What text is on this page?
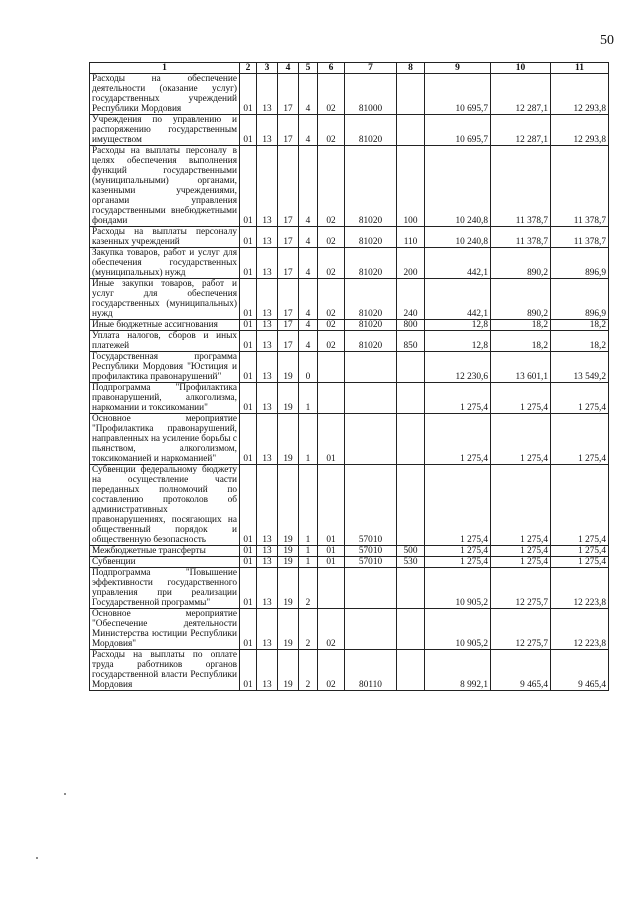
50
1	2	3	4	5	6	7	8	9	10	11

Расходы на обеспечение деятельности (оказание услуг) государственных учреждений Республики Мордовия	01	13	17	4	02	81000		10 695,7	12 287,1	12 293,8

Учреждения по управлению и распоряжению государственным имуществом	01	13	17	4	02	81020		10 695,7	12 287,1	12 293,8

Расходы на выплаты персоналу в целях обеспечения выполнения функций государственными (муниципальными) органами, казенными учреждениями, органами управления государственными внебюджетными фондами	01	13	17	4	02	81020	100	10 240,8	11 378,7	11 378,7

Расходы на выплаты персоналу казенных учреждений	01	13	17	4	02	81020	110	10 240,8	11 378,7	11 378,7

Закупка товаров, работ и услуг для обеспечения государственных (муниципальных) нужд	01	13	17	4	02	81020	200	442,1	890,2	896,9

Иные закупки товаров, работ и услуг для обеспечения государственных (муниципальных) нужд	01	13	17	4	02	81020	240	442,1	890,2	896,9

Иные бюджетные ассигнования	01	13	17	4	02	81020	800	12,8	18,2	18,2

Уплата налогов, сборов и иных платежей	01	13	17	4	02	81020	850	12,8	18,2	18,2

Государственная программа Республики Мордовия "Юстиция и профилактика правонарушений"	01	13	19	0				12 230,6	13 601,1	13 549,2

Подпрограмма "Профилактика правонарушений, алкоголизма, наркомании и токсикомании"	01	13	19	1				1 275,4	1 275,4	1 275,4

Основное мероприятие "Профилактика правонарушений, направленных на усиление борьбы с пьянством, алкоголизмом, токсикоманией и наркоманией"	01	13	19	1	01			1 275,4	1 275,4	1 275,4

Субвенции федеральному бюджету на осуществление части переданных полномочий по составлению протоколов об административных правонарушениях, посягающих на общественный порядок и общественную безопасность	01	13	19	1	01	57010		1 275,4	1 275,4	1 275,4

Межбюджетные трансферты	01	13	19	1	01	57010	500	1 275,4	1 275,4	1 275,4

Субвенции	01	13	19	1	01	57010	530	1 275,4	1 275,4	1 275,4

Подпрограмма "Повышение эффективности государственного управления при реализации Государственной программы"	01	13	19	2				10 905,2	12 275,7	12 223,8

Основное мероприятие "Обеспечение деятельности Министерства юстиции Республики Мордовия"	01	13	19	2	02			10 905,2	12 275,7	12 223,8

Расходы на выплаты по оплате труда работников органов государственной власти Республики Мордовия	01	13	19	2	02	80110		8 992,1	9 465,4	9 465,4
